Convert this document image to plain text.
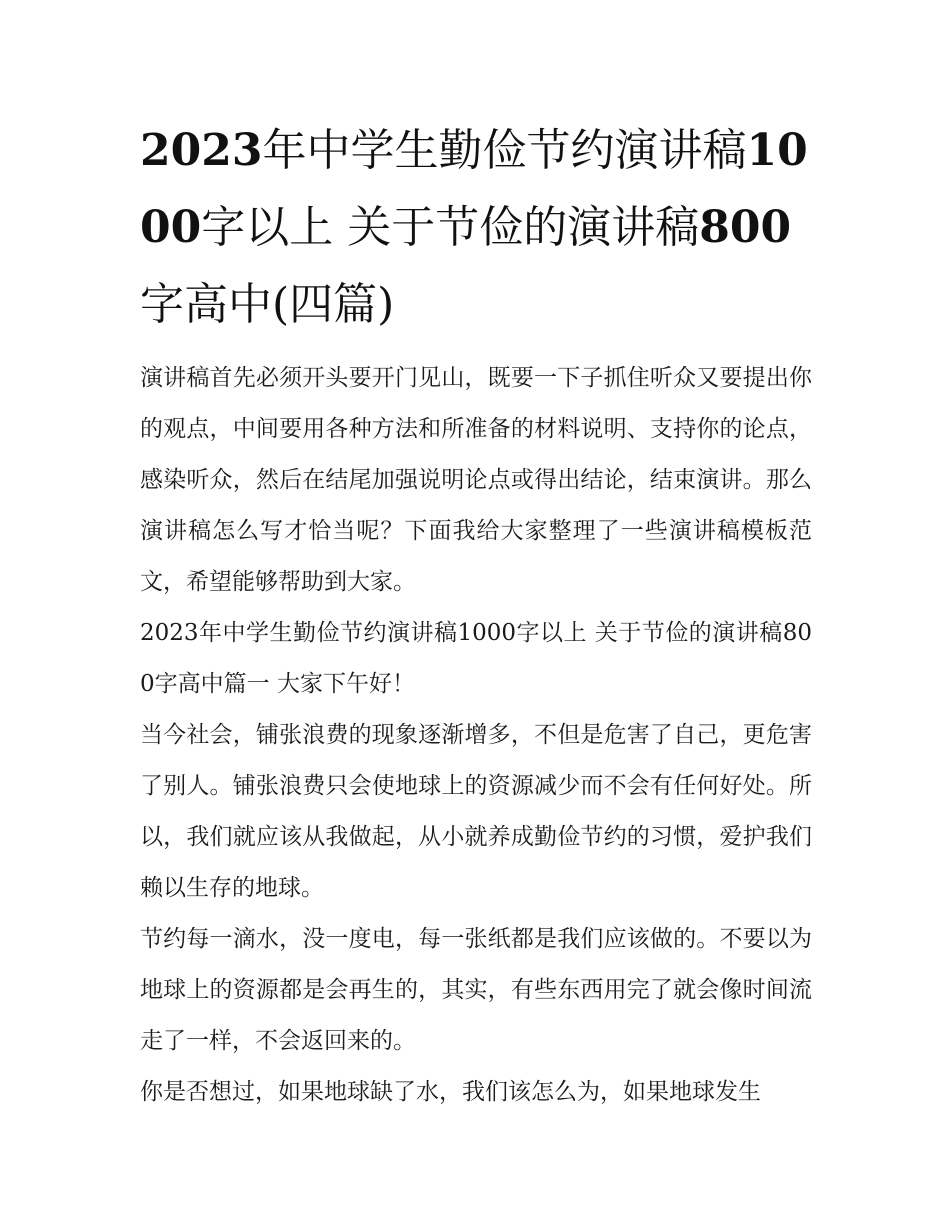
2023年中学生勤俭节约演讲稿1000字以上 关于节俭的演讲稿800字高中(四篇)

演讲稿首先必须开头要开门见山，既要一下子抓住听众又要提出你的观点，中间要用各种方法和所准备的材料说明、支持你的论点，感染听众，然后在结尾加强说明论点或得出结论，结束演讲。那么演讲稿怎么写才恰当呢？下面我给大家整理了一些演讲稿模板范文，希望能够帮助到大家。

2023年中学生勤俭节约演讲稿1000字以上 关于节俭的演讲稿800字高中篇一 大家下午好！

当今社会，铺张浪费的现象逐渐增多，不但是危害了自己，更危害了别人。铺张浪费只会使地球上的资源减少而不会有任何好处。所以，我们就应该从我做起，从小就养成勤俭节约的习惯，爱护我们赖以生存的地球。

节约每一滴水，没一度电，每一张纸都是我们应该做的。不要以为地球上的资源都是会再生的，其实，有些东西用完了就会像时间流走了一样，不会返回来的。

你是否想过，如果地球缺了水，我们该怎么为，如果地球发生
